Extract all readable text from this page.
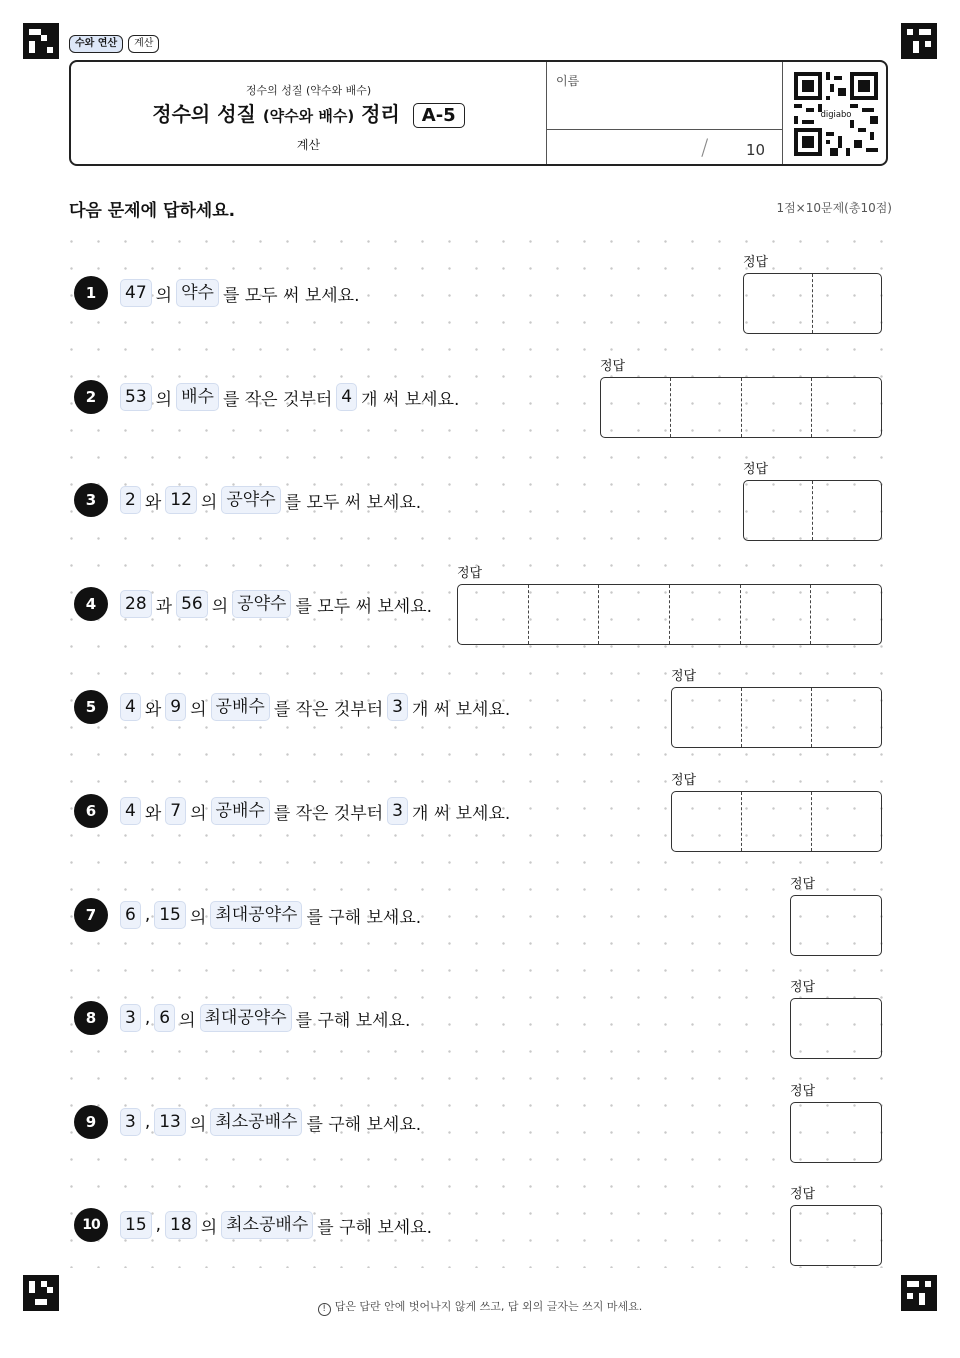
수와 연산	계산
정수의 성질 (약수와 배수)
정수의 성질 (약수와 배수) 정리 A-5
계산
이름
/	10
digiabo
다음 문제에 답하세요.	1점×10문제(총10점)
1	47 의 약수 를 모두 써 보세요.
정답
2	53 의 배수 를 작은 것부터 4 개 써 보세요.
정답
3	2 와 12 의 공약수 를 모두 써 보세요.
정답
4	28 과 56 의 공약수 를 모두 써 보세요.
정답
5	4 와 9 의 공배수 를 작은 것부터 3 개 써 보세요.
정답
6	4 와 7 의 공배수 를 작은 것부터 3 개 써 보세요.
정답
7	6 , 15 의 최대공약수 를 구해 보세요.
정답
8	3 , 6 의 최대공약수 를 구해 보세요.
정답
9	3 , 13 의 최소공배수 를 구해 보세요.
정답
10	15 , 18 의 최소공배수 를 구해 보세요.
정답
! 답은 답란 안에 벗어나지 않게 쓰고, 답 외의 글자는 쓰지 마세요.
